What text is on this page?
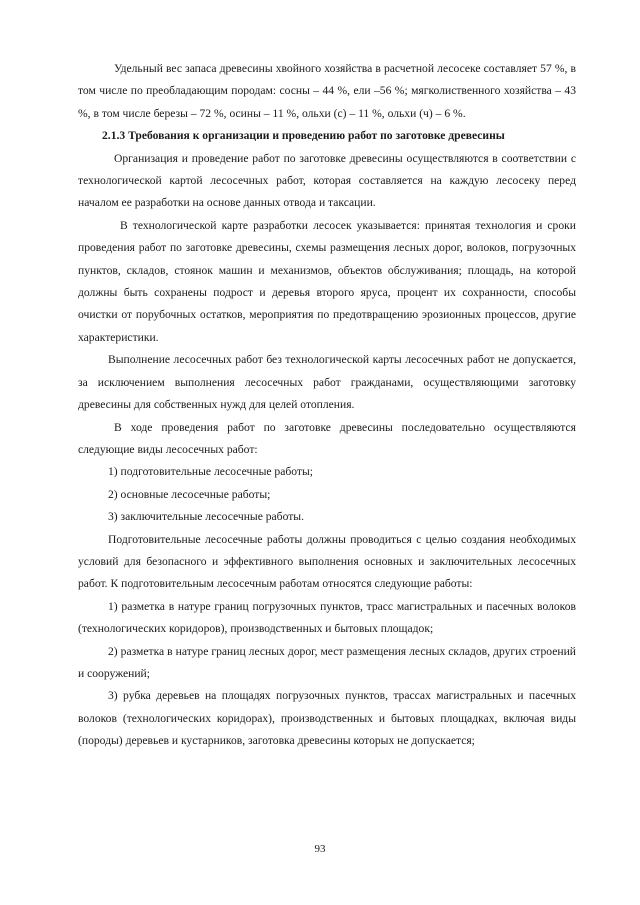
Удельный вес запаса древесины хвойного хозяйства в расчетной лесосеке составляет 57 %, в том числе по преобладающим породам: сосны – 44 %, ели –56 %; мягколиственного хозяйства – 43 %, в том числе березы – 72 %, осины – 11 %, ольхи (с) – 11 %, ольхи (ч) – 6 %.

2.1.3 Требования к организации и проведению работ по заготовке древесины

Организация и проведение работ по заготовке древесины осуществляются в соответствии с технологической картой лесосечных работ, которая составляется на каждую лесосеку перед началом ее разработки на основе данных отвода и таксации.

В технологической карте разработки лесосек указывается: принятая технология и сроки проведения работ по заготовке древесины, схемы размещения лесных дорог, волоков, погрузочных пунктов, складов, стоянок машин и механизмов, объектов обслуживания; площадь, на которой должны быть сохранены подрост и деревья второго яруса, процент их сохранности, способы очистки от порубочных остатков, мероприятия по предотвращению эрозионных процессов, другие характеристики.

Выполнение лесосечных работ без технологической карты лесосечных работ не допускается, за исключением выполнения лесосечных работ гражданами, осуществляющими заготовку древесины для собственных нужд для целей отопления.

В ходе проведения работ по заготовке древесины последовательно осуществляются следующие виды лесосечных работ:

1) подготовительные лесосечные работы;

2) основные лесосечные работы;

3) заключительные лесосечные работы.

Подготовительные лесосечные работы должны проводиться с целью создания необходимых условий для безопасного и эффективного выполнения основных и заключительных лесосечных работ. К подготовительным лесосечным работам относятся следующие работы:

1) разметка в натуре границ погрузочных пунктов, трасс магистральных и пасечных волоков (технологических коридоров), производственных и бытовых площадок;

2) разметка в натуре границ лесных дорог, мест размещения лесных складов, других строений и сооружений;

3) рубка деревьев на площадях погрузочных пунктов, трассах магистральных и пасечных волоков (технологических коридорах), производственных и бытовых площадках, включая виды (породы) деревьев и кустарников, заготовка древесины которых не допускается;

93
